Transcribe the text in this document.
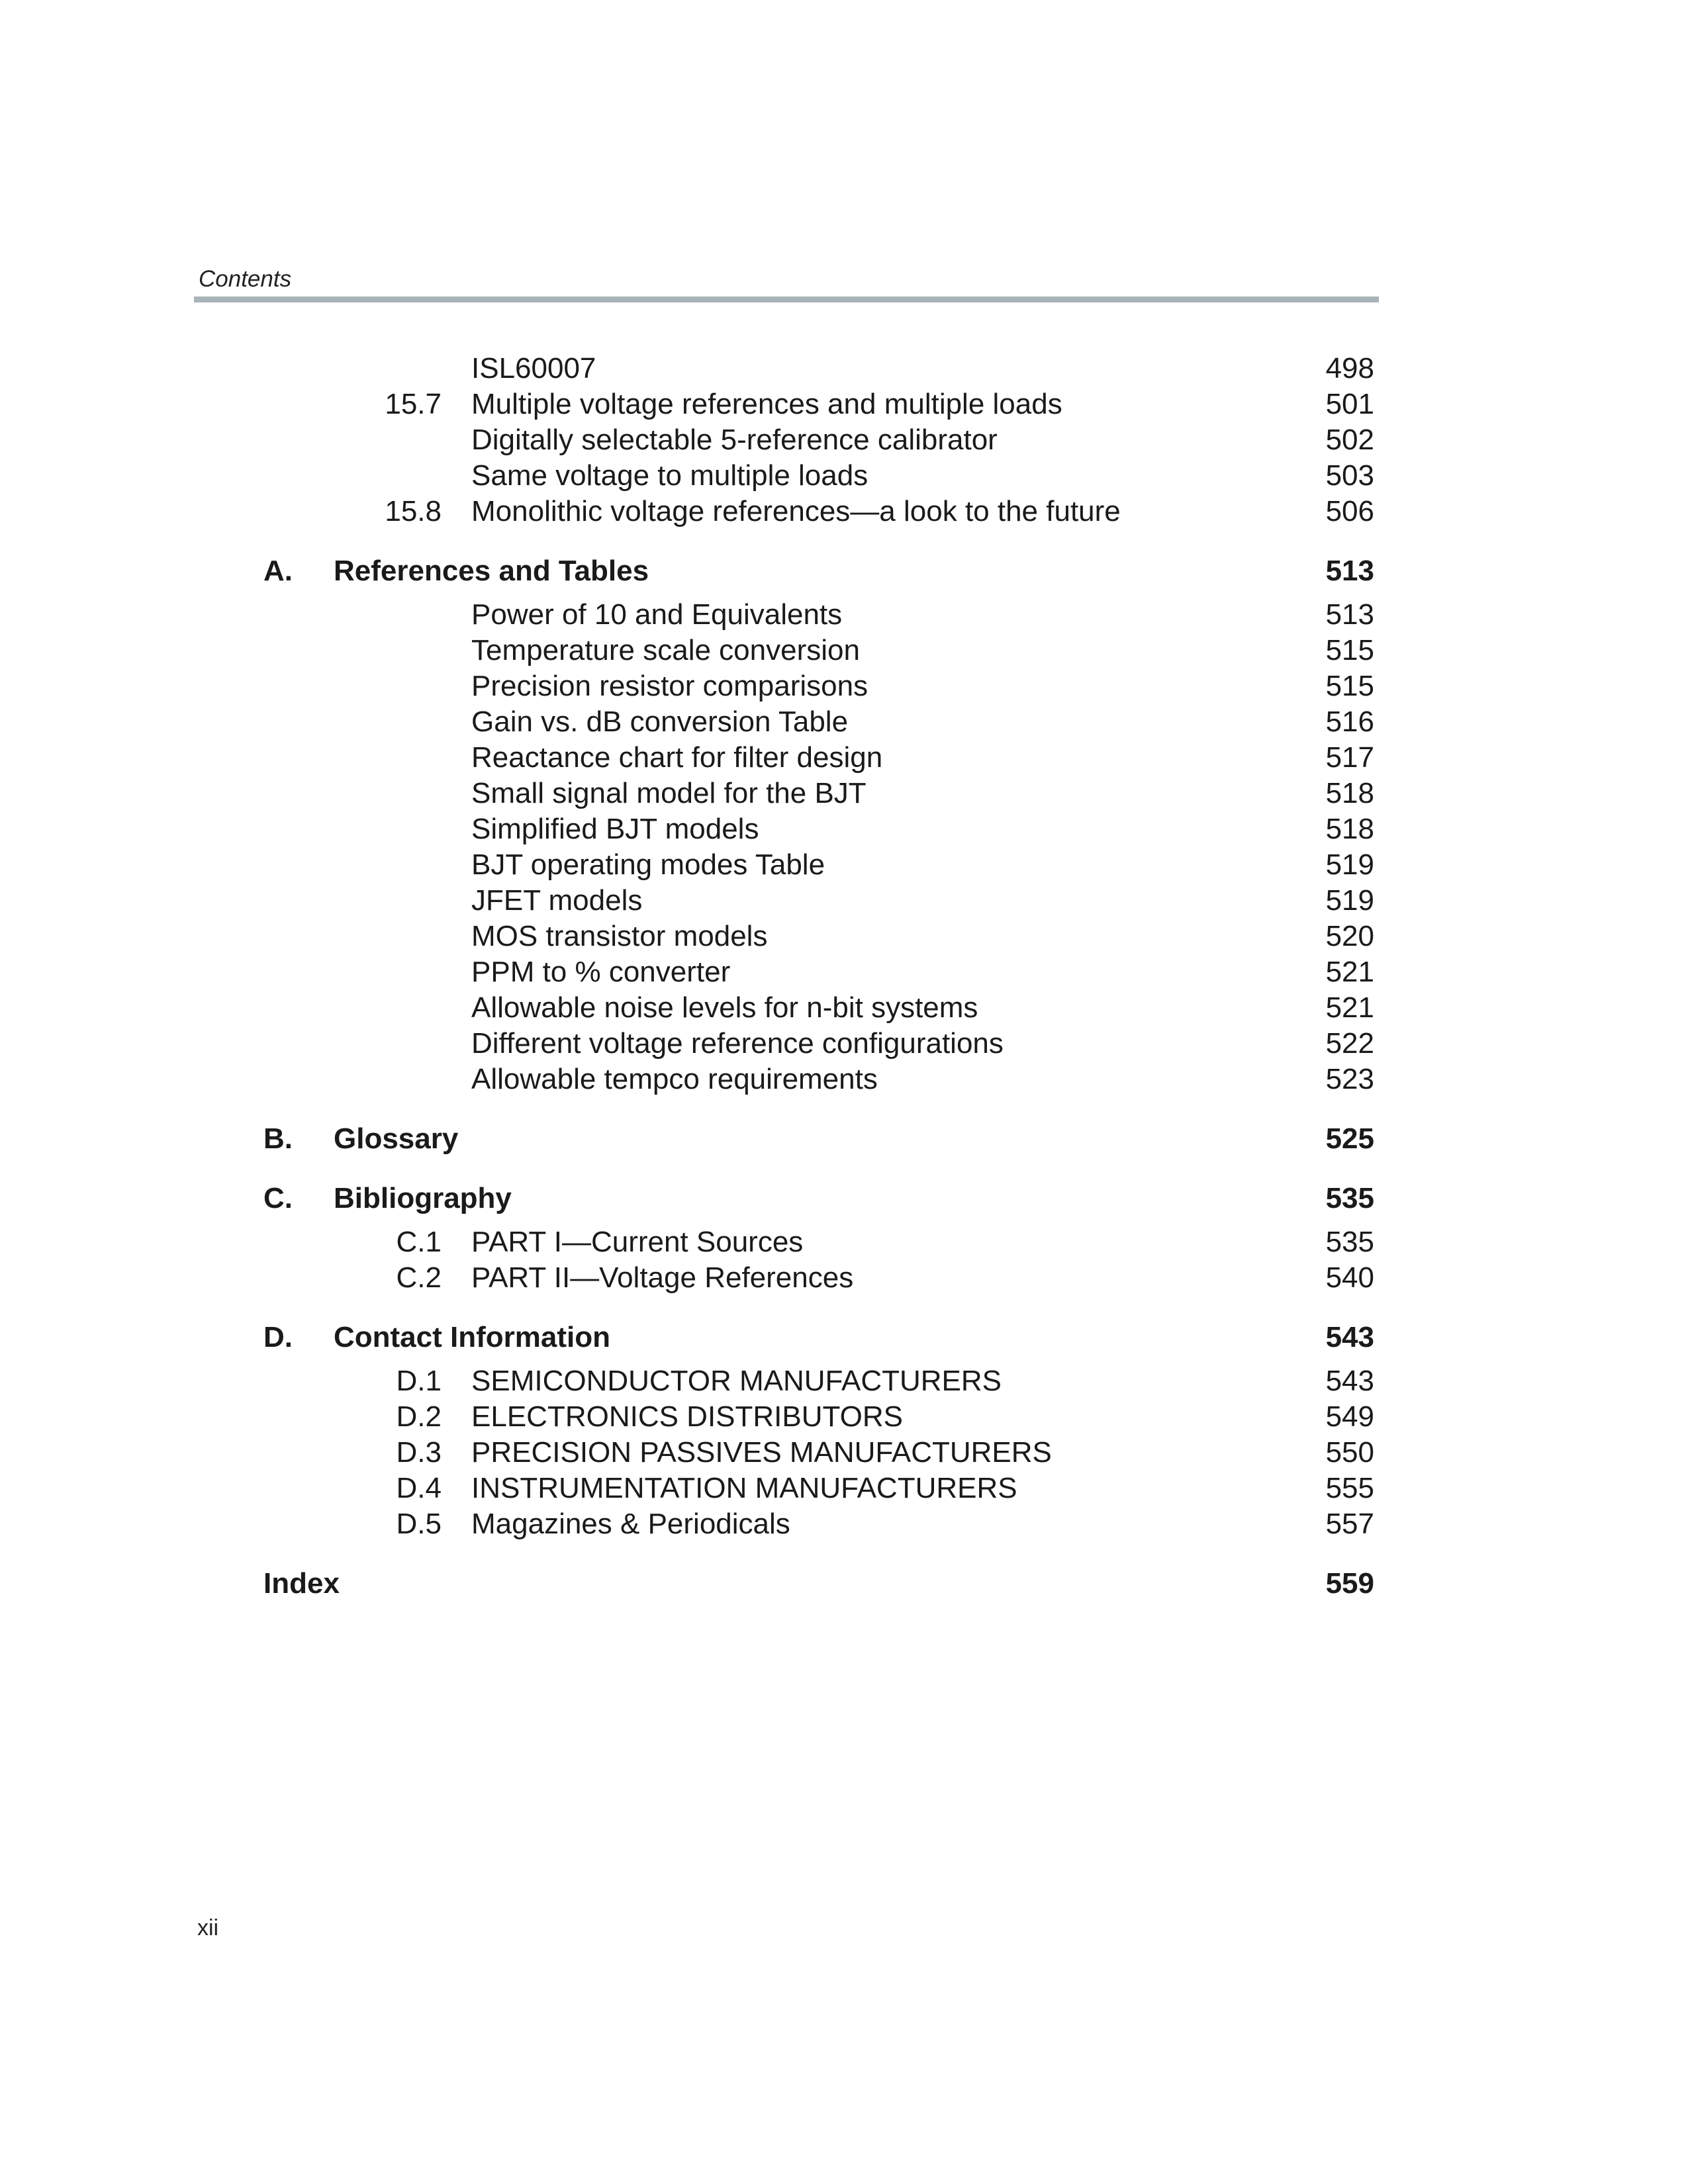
Contents
ISL60007	498
15.7 Multiple voltage references and multiple loads	501
Digitally selectable 5-reference calibrator	502
Same voltage to multiple loads	503
15.8 Monolithic voltage references—a look to the future	506
A. References and Tables	513
Power of 10 and Equivalents	513
Temperature scale conversion	515
Precision resistor comparisons	515
Gain vs. dB conversion Table	516
Reactance chart for filter design	517
Small signal model for the BJT	518
Simplified BJT models	518
BJT operating modes Table	519
JFET models	519
MOS transistor models	520
PPM to % converter	521
Allowable noise levels for n-bit systems	521
Different voltage reference configurations	522
Allowable tempco requirements	523
B. Glossary	525
C. Bibliography	535
C.1 PART I—Current Sources	535
C.2 PART II—Voltage References	540
D. Contact Information	543
D.1 SEMICONDUCTOR MANUFACTURERS	543
D.2 ELECTRONICS DISTRIBUTORS	549
D.3 PRECISION PASSIVES MANUFACTURERS	550
D.4 INSTRUMENTATION MANUFACTURERS	555
D.5 Magazines & Periodicals	557
Index	559
xii
